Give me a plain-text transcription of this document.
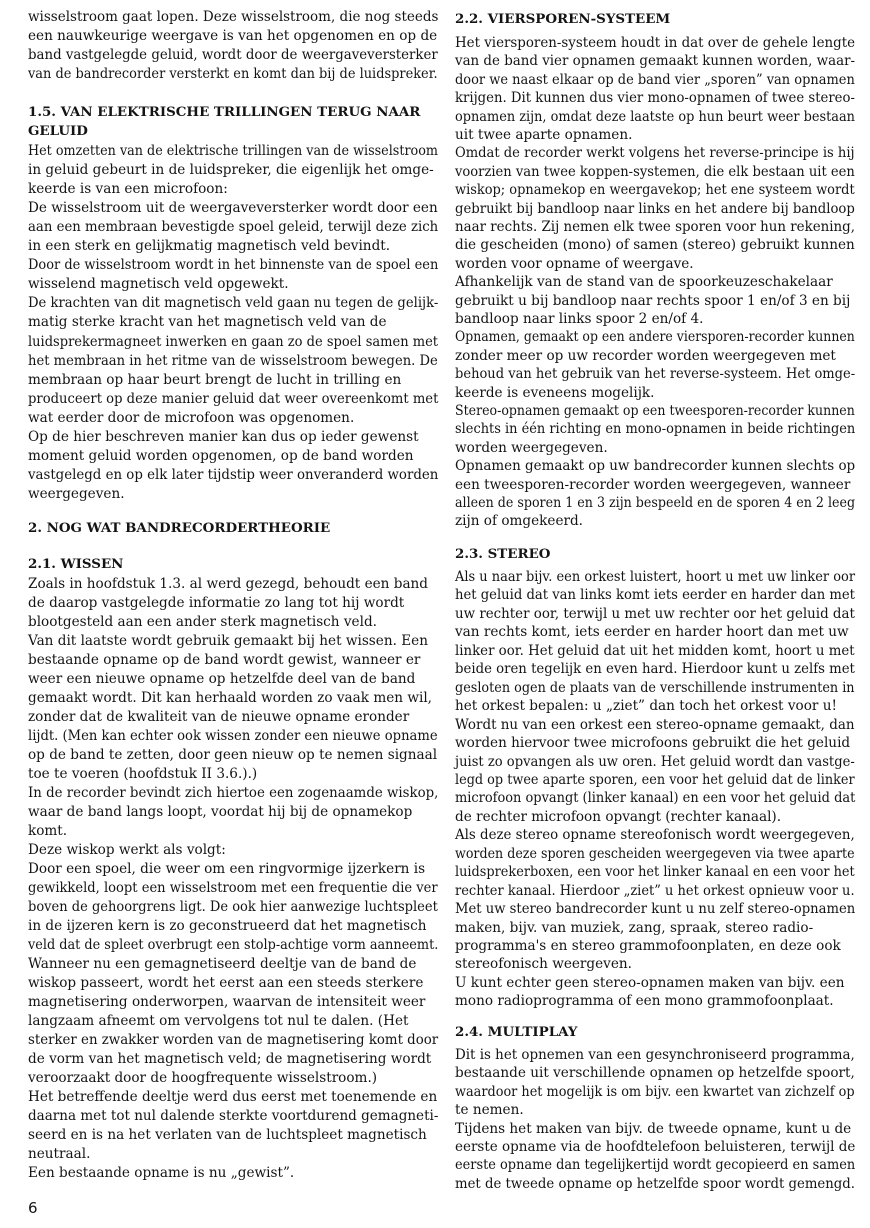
wisselstroom gaat lopen. Deze wisselstroom, die nog steeds
een nauwkeurige weergave is van het opgenomen en op de
band vastgelegde geluid, wordt door de weergaveversterker
van de bandrecorder versterkt en komt dan bij de luidspreker.
1.5. VAN ELEKTRISCHE TRILLINGEN TERUG NAAR
GELUID
Het omzetten van de elektrische trillingen van de wisselstroom
in geluid gebeurt in de luidspreker, die eigenlijk het omge-
keerde is van een microfoon:
De wisselstroom uit de weergaveversterker wordt door een
aan een membraan bevestigde spoel geleid, terwijl deze zich
in een sterk en gelijkmatig magnetisch veld bevindt.
Door de wisselstroom wordt in het binnenste van de spoel een
wisselend magnetisch veld opgewekt.
De krachten van dit magnetisch veld gaan nu tegen de gelijk-
matig sterke kracht van het magnetisch veld van de
luidsprekermagneet inwerken en gaan zo de spoel samen met
het membraan in het ritme van de wisselstroom bewegen. De
membraan op haar beurt brengt de lucht in trilling en
produceert op deze manier geluid dat weer overeenkomt met
wat eerder door de microfoon was opgenomen.
Op de hier beschreven manier kan dus op ieder gewenst
moment geluid worden opgenomen, op de band worden
vastgelegd en op elk later tijdstip weer onveranderd worden
weergegeven.
2. NOG WAT BANDRECORDERTHEORIE
2.1. WISSEN
Zoals in hoofdstuk 1.3. al werd gezegd, behoudt een band
de daarop vastgelegde informatie zo lang tot hij wordt
blootgesteld aan een ander sterk magnetisch veld.
Van dit laatste wordt gebruik gemaakt bij het wissen. Een
bestaande opname op de band wordt gewist, wanneer er
weer een nieuwe opname op hetzelfde deel van de band
gemaakt wordt. Dit kan herhaald worden zo vaak men wil,
zonder dat de kwaliteit van de nieuwe opname eronder
lijdt. (Men kan echter ook wissen zonder een nieuwe opname
op de band te zetten, door geen nieuw op te nemen signaal
toe te voeren (hoofdstuk II 3.6.).)
In de recorder bevindt zich hiertoe een zogenaamde wiskop,
waar de band langs loopt, voordat hij bij de opnamekop
komt.
Deze wiskop werkt als volgt:
Door een spoel, die weer om een ringvormige ijzerkern is
gewikkeld, loopt een wisselstroom met een frequentie die ver
boven de gehoorgrens ligt. De ook hier aanwezige luchtspleet
in de ijzeren kern is zo geconstrueerd dat het magnetisch
veld dat de spleet overbrugt een stolp-achtige vorm aanneemt.
Wanneer nu een gemagnetiseerd deeltje van de band de
wiskop passeert, wordt het eerst aan een steeds sterkere
magnetisering onderworpen, waarvan de intensiteit weer
langzaam afneemt om vervolgens tot nul te dalen. (Het
sterker en zwakker worden van de magnetisering komt door
de vorm van het magnetisch veld; de magnetisering wordt
veroorzaakt door de hoogfrequente wisselstroom.)
Het betreffende deeltje werd dus eerst met toenemende en
daarna met tot nul dalende sterkte voortdurend gemagneti-
seerd en is na het verlaten van de luchtspleet magnetisch
neutraal.
Een bestaande opname is nu „gewist”.
2.2. VIERSPOREN-SYSTEEM
Het viersporen-systeem houdt in dat over de gehele lengte
van de band vier opnamen gemaakt kunnen worden, waar-
door we naast elkaar op de band vier „sporen” van opnamen
krijgen. Dit kunnen dus vier mono-opnamen of twee stereo-
opnamen zijn, omdat deze laatste op hun beurt weer bestaan
uit twee aparte opnamen.
Omdat de recorder werkt volgens het reverse-principe is hij
voorzien van twee koppen-systemen, die elk bestaan uit een
wiskop; opnamekop en weergavekop; het ene systeem wordt
gebruikt bij bandloop naar links en het andere bij bandloop
naar rechts. Zij nemen elk twee sporen voor hun rekening,
die gescheiden (mono) of samen (stereo) gebruikt kunnen
worden voor opname of weergave.
Afhankelijk van de stand van de spoorkeuzeschakelaar
gebruikt u bij bandloop naar rechts spoor 1 en/of 3 en bij
bandloop naar links spoor 2 en/of 4.
Opnamen, gemaakt op een andere viersporen-recorder kunnen
zonder meer op uw recorder worden weergegeven met
behoud van het gebruik van het reverse-systeem. Het omge-
keerde is eveneens mogelijk.
Stereo-opnamen gemaakt op een tweesporen-recorder kunnen
slechts in één richting en mono-opnamen in beide richtingen
worden weergegeven.
Opnamen gemaakt op uw bandrecorder kunnen slechts op
een tweesporen-recorder worden weergegeven, wanneer
alleen de sporen 1 en 3 zijn bespeeld en de sporen 4 en 2 leeg
zijn of omgekeerd.
2.3. STEREO
Als u naar bijv. een orkest luistert, hoort u met uw linker oor
het geluid dat van links komt iets eerder en harder dan met
uw rechter oor, terwijl u met uw rechter oor het geluid dat
van rechts komt, iets eerder en harder hoort dan met uw
linker oor. Het geluid dat uit het midden komt, hoort u met
beide oren tegelijk en even hard. Hierdoor kunt u zelfs met
gesloten ogen de plaats van de verschillende instrumenten in
het orkest bepalen: u „ziet” dan toch het orkest voor u!
Wordt nu van een orkest een stereo-opname gemaakt, dan
worden hiervoor twee microfoons gebruikt die het geluid
juist zo opvangen als uw oren. Het geluid wordt dan vastge-
legd op twee aparte sporen, een voor het geluid dat de linker
microfoon opvangt (linker kanaal) en een voor het geluid dat
de rechter microfoon opvangt (rechter kanaal).
Als deze stereo opname stereofonisch wordt weergegeven,
worden deze sporen gescheiden weergegeven via twee aparte
luidsprekerboxen, een voor het linker kanaal en een voor het
rechter kanaal. Hierdoor „ziet” u het orkest opnieuw voor u.
Met uw stereo bandrecorder kunt u nu zelf stereo-opnamen
maken, bijv. van muziek, zang, spraak, stereo radio-
programma's en stereo grammofoonplaten, en deze ook
stereofonisch weergeven.
U kunt echter geen stereo-opnamen maken van bijv. een
mono radioprogramma of een mono grammofoonplaat.
2.4. MULTIPLAY
Dit is het opnemen van een gesynchroniseerd programma,
bestaande uit verschillende opnamen op hetzelfde spoort,
waardoor het mogelijk is om bijv. een kwartet van zichzelf op
te nemen.
Tijdens het maken van bijv. de tweede opname, kunt u de
eerste opname via de hoofdtelefoon beluisteren, terwijl de
eerste opname dan tegelijkertijd wordt gecopieerd en samen
met de tweede opname op hetzelfde spoor wordt gemengd.
6
